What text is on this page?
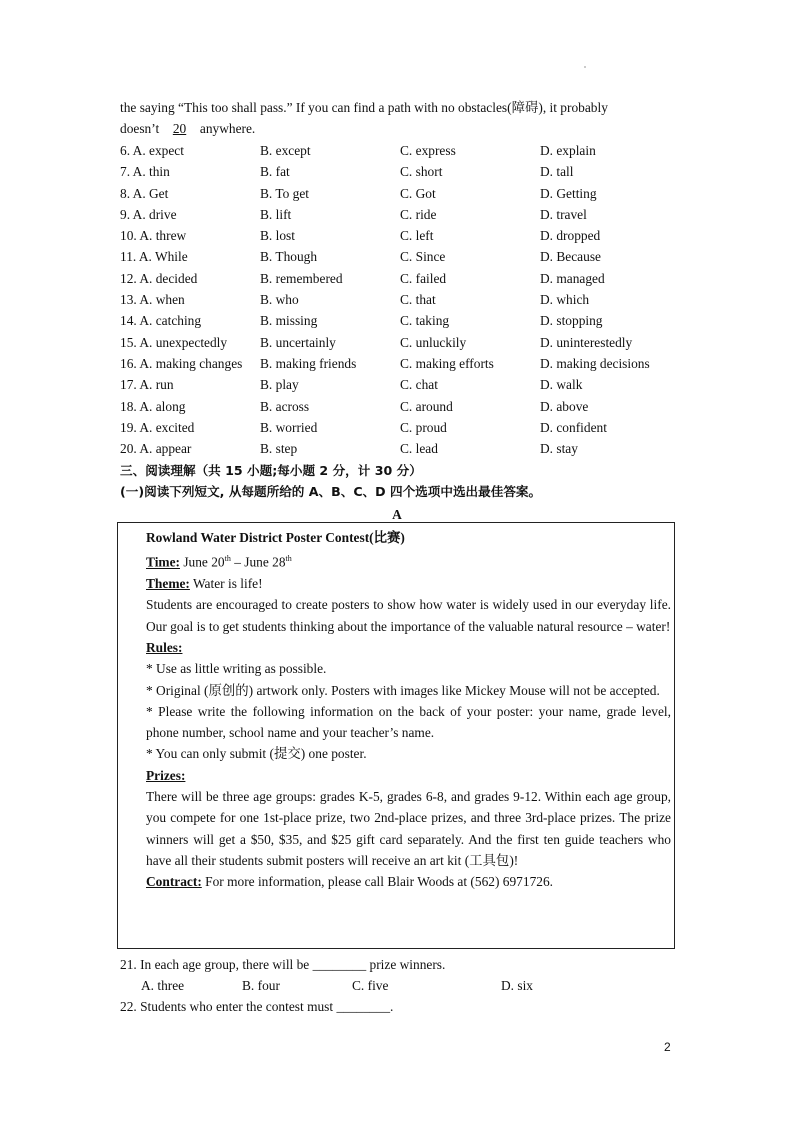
the saying “This too shall pass.” If you can find a path with no obstacles(障碍), it probably
doesn’t 20 anywhere.
6. A. expect	B. except	C. express	D. explain
7. A. thin	B. fat	C. short	D. tall
8. A. Get	B. To get	C. Got	D. Getting
9. A. drive	B. lift	C. ride	D. travel
10. A. threw	B. lost	C. left	D. dropped
11. A. While	B. Though	C. Since	D. Because
12. A. decided	B. remembered	C. failed	D. managed
13. A. when	B. who	C. that	D. which
14. A. catching	B. missing	C. taking	D. stopping
15. A. unexpectedly	B. uncertainly	C. unluckily	D. uninterestedly
16. A. making changes	B. making friends	C. making efforts	D. making decisions
17. A. run	B. play	C. chat	D. walk
18. A. along	B. across	C. around	D. above
19. A. excited	B. worried	C. proud	D. confident
20. A. appear	B. step	C. lead	D. stay
三、阅读理解（共 15 小题;每小题 2 分，计 30 分）
(一)阅读下列短文, 从每题所给的 A、B、C、D 四个选项中选出最佳答案。
A
Rowland Water District Poster Contest(比赛)
Time: June 20th – June 28th
Theme: Water is life!
Students are encouraged to create posters to show how water is widely used in our everyday life. Our goal is to get students thinking about the importance of the valuable natural resource – water!
Rules:
* Use as little writing as possible.
* Original (原创的) artwork only. Posters with images like Mickey Mouse will not be accepted.
* Please write the following information on the back of your poster: your name, grade level, phone number, school name and your teacher’s name.
* You can only submit (提交) one poster.
Prizes:
There will be three age groups: grades K-5, grades 6-8, and grades 9-12. Within each age group, you compete for one 1st-place prize, two 2nd-place prizes, and three 3rd-place prizes. The prize winners will get a $50, $35, and $25 gift card separately. And the first ten guide teachers who have all their students submit posters will receive an art kit (工具包)!
Contract: For more information, please call Blair Woods at (562) 6971726.
21. In each age group, there will be ________ prize winners.
A. three	B. four	C. five	D. six
22. Students who enter the contest must ________.
2
